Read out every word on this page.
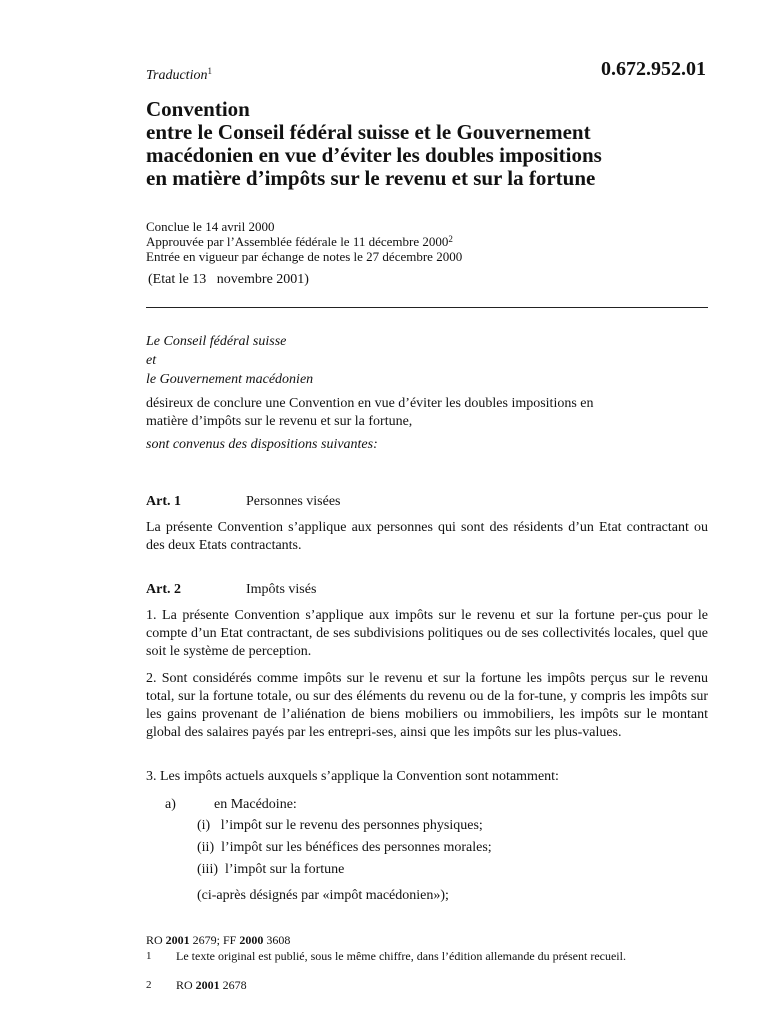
Traduction$^1$	0.672.952.01
Convention
entre le Conseil fédéral suisse et le Gouvernement
macédonien en vue d’éviter les doubles impositions
en matière d’impôts sur le revenu et sur la fortune
Conclue le 14 avril 2000
Approuvée par l’Assemblée fédérale le 11 décembre 2000$^2$
Entrée en vigueur par échange de notes le 27 décembre 2000
(Etat le 13   novembre 2001)
Le Conseil fédéral suisse
et
le Gouvernement macédonien
désireux de conclure une Convention en vue d’éviter les doubles impositions en
matière d’impôts sur le revenu et sur la fortune,
sont convenus des dispositions suivantes:
Art. 1	Personnes visées
La présente Convention s’applique aux personnes qui sont des résidents d’un Etat contractant ou des deux Etats contractants.
Art. 2	Impôts visés
1. La présente Convention s’applique aux impôts sur le revenu et sur la fortune per-çus pour le compte d’un Etat contractant, de ses subdivisions politiques ou de ses collectivités locales, quel que soit le système de perception.
2. Sont considérés comme impôts sur le revenu et sur la fortune les impôts perçus sur le revenu total, sur la fortune totale, ou sur des éléments du revenu ou de la for-tune, y compris les impôts sur les gains provenant de l’aliénation de biens mobiliers ou immobiliers, les impôts sur le montant global des salaires payés par les entrepri-ses, ainsi que les impôts sur les plus-values.
3. Les impôts actuels auxquels s’applique la Convention sont notamment:
a)	en Macédoine:
(i)   l’impôt sur le revenu des personnes physiques;
(ii)  l’impôt sur les bénéfices des personnes morales;
(iii)  l’impôt sur la fortune
(ci-après désignés par «impôt macédonien»);
RO 2001 2679; FF 2000 3608
1	Le texte original est publié, sous le même chiffre, dans l’édition allemande du présent recueil.
2	RO 2001 2678
